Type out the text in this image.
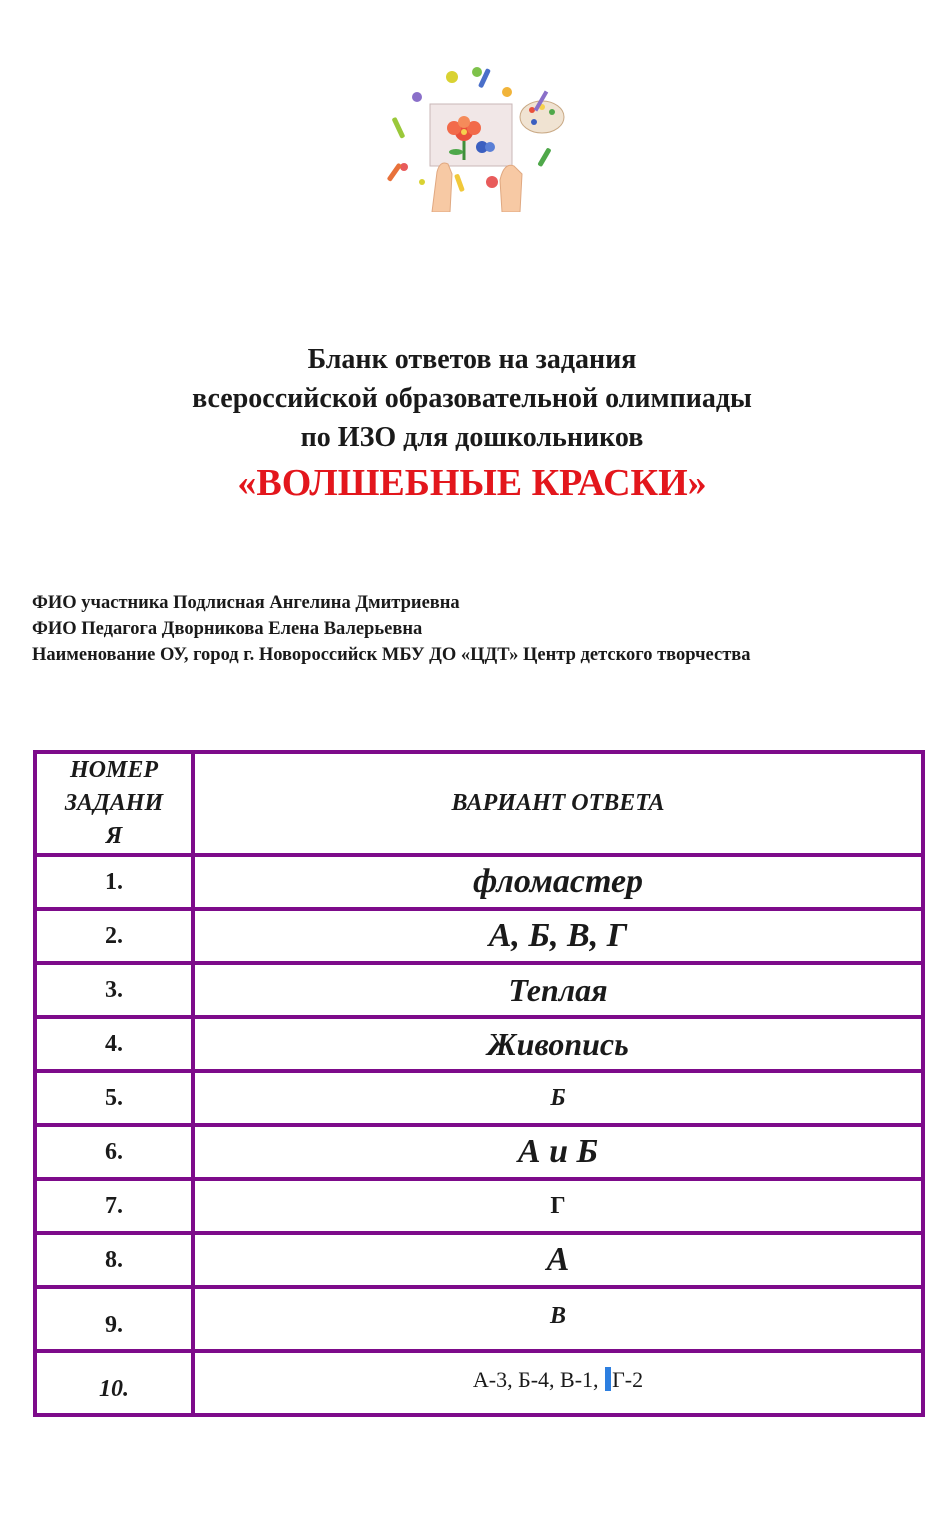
Бланк ответов на задания
всероссийской образовательной олимпиады
по ИЗО для дошкольников
«ВОЛШЕБНЫЕ КРАСКИ»
ФИО участника Подлисная Ангелина Дмитриевна
ФИО Педагога Дворникова Елена Валерьевна
Наименование ОУ, город г. Новороссийск МБУ ДО «ЦДТ» Центр детского творчества
НОМЕР
ЗАДАНИ
Я	ВАРИАНТ ОТВЕТА
1.	фломастер
2.	А, Б, В, Г
3.	Теплая
4.	Живопись
5.	Б
6.	А и Б
7.	Г
8.	А
9.	В
10.	А-3, Б-4, В-1, Г-2
